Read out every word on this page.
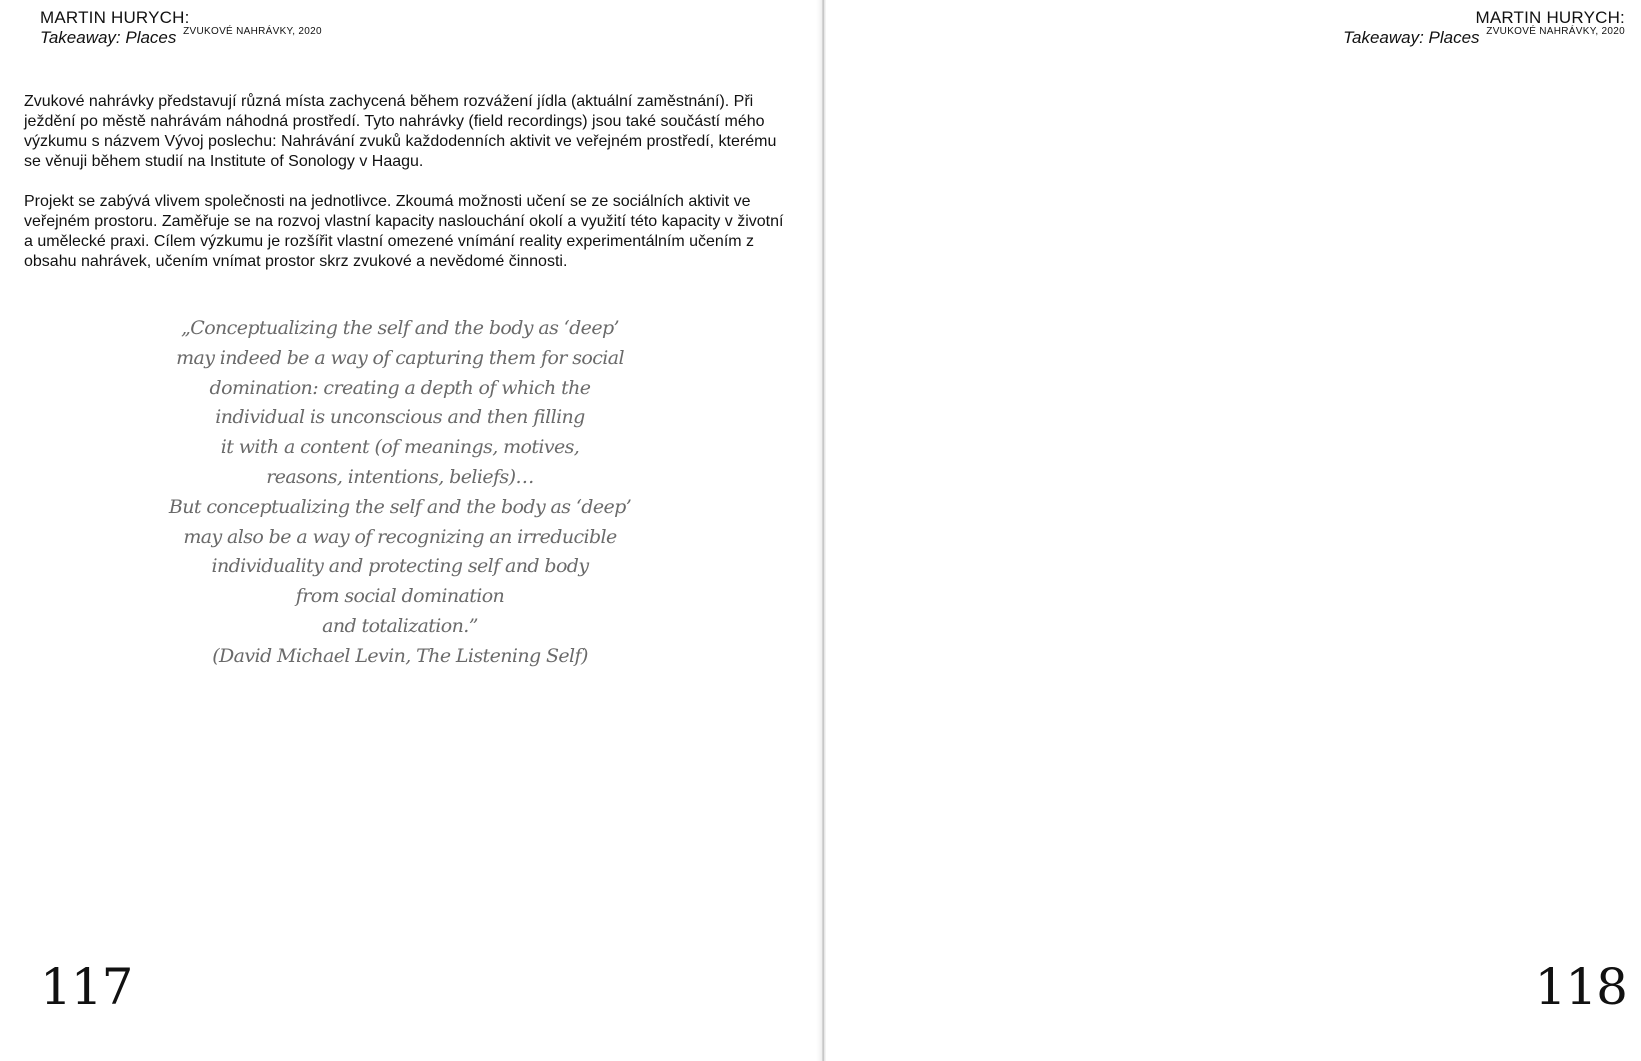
MARTIN HURYCH:
Takeaway: Places $^{ZVUKOVÉ NAHRÁVKY, 2020}$

Zvukové nahrávky představují různá místa zachycená během rozvážení jídla (aktuální zaměstnání). Při ježdění po městě nahrávám náhodná prostředí. Tyto nahrávky (field recordings) jsou také součástí mého výzkumu s názvem Vývoj poslechu: Nahrávání zvuků každodenních aktivit ve veřejném prostředí, kterému se věnuji během studií na Institute of Sonology v Haagu.

Projekt se zabývá vlivem společnosti na jednotlivce. Zkoumá možnosti učení se ze sociálních aktivit ve veřejném prostoru. Zaměřuje se na rozvoj vlastní kapacity naslouchání okolí a využití této kapacity v životní a umělecké praxi. Cílem výzkumu je rozšířit vlastní omezené vnímání reality experimentálním učením z obsahu nahrávek, učením vnímat prostor skrz zvukové a nevědomé činnosti.

„Conceptualizing the self and the body as ‘deep’
may indeed be a way of capturing them for social
domination: creating a depth of which the
individual is unconscious and then filling
it with a content (of meanings, motives,
reasons, intentions, beliefs)…
But conceptualizing the self and the body as ‘deep’
may also be a way of recognizing an irreducible
individuality and protecting self and body
from social domination
and totalization.”
(David Michael Levin, The Listening Self)
117
MARTIN HURYCH:
Takeaway: Places $^{ZVUKOVÉ NAHRÁVKY, 2020}$
118
